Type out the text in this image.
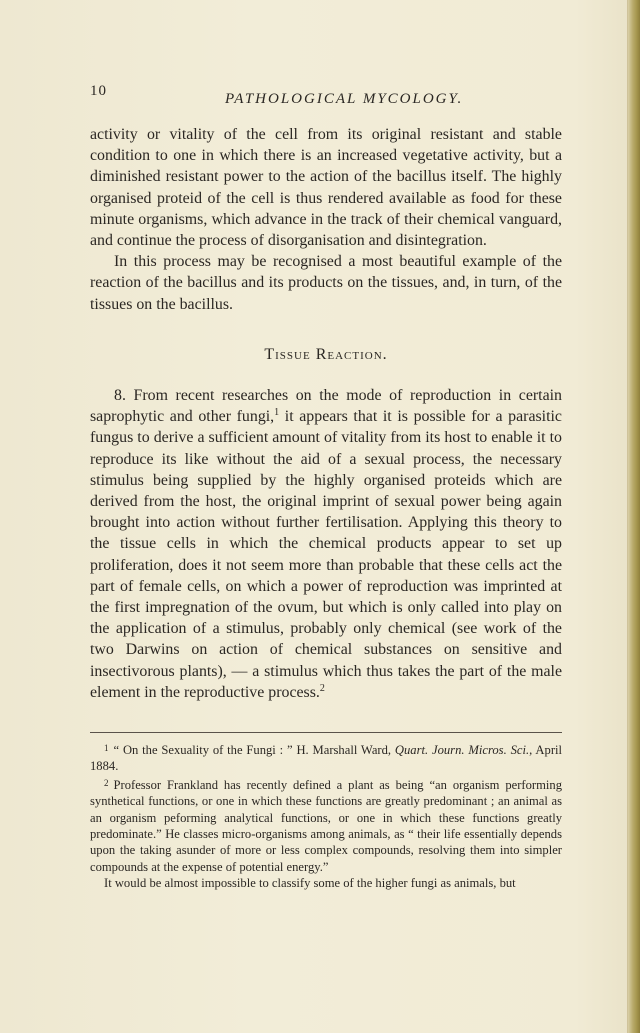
10	PATHOLOGICAL MYCOLOGY.

activity or vitality of the cell from its original resistant and stable condition to one in which there is an increased vegetative activity, but a diminished resistant power to the action of the bacillus itself. The highly organised proteid of the cell is thus rendered available as food for these minute organisms, which advance in the track of their chemical vanguard, and continue the process of disorganisation and disintegration.

In this process may be recognised a most beautiful example of the reaction of the bacillus and its products on the tissues, and, in turn, of the tissues on the bacillus.

Tissue Reaction.

8. From recent researches on the mode of reproduction in certain saprophytic and other fungi,$^1$ it appears that it is possible for a parasitic fungus to derive a sufficient amount of vitality from its host to enable it to reproduce its like without the aid of a sexual process, the necessary stimulus being supplied by the highly organised proteids which are derived from the host, the original imprint of sexual power being again brought into action without further fertilisation. Applying this theory to the tissue cells in which the chemical products appear to set up proliferation, does it not seem more than probable that these cells act the part of female cells, on which a power of reproduction was imprinted at the first impregnation of the ovum, but which is only called into play on the application of a stimulus, probably only chemical (see work of the two Darwins on action of chemical substances on sensitive and insectivorous plants), — a stimulus which thus takes the part of the male element in the reproductive process.$^2$

$^1$ “ On the Sexuality of the Fungi : ” H. Marshall Ward, Quart. Journ. Micros. Sci., April 1884.

$^2$ Professor Frankland has recently defined a plant as being “an organism performing synthetical functions, or one in which these functions are greatly predominant ; an animal as an organism peforming analytical functions, or one in which these functions greatly predominate.” He classes micro-organisms among animals, as “ their life essentially depends upon the taking asunder of more or less complex compounds, resolving them into simpler compounds at the expense of potential energy.”

It would be almost impossible to classify some of the higher fungi as animals, but
